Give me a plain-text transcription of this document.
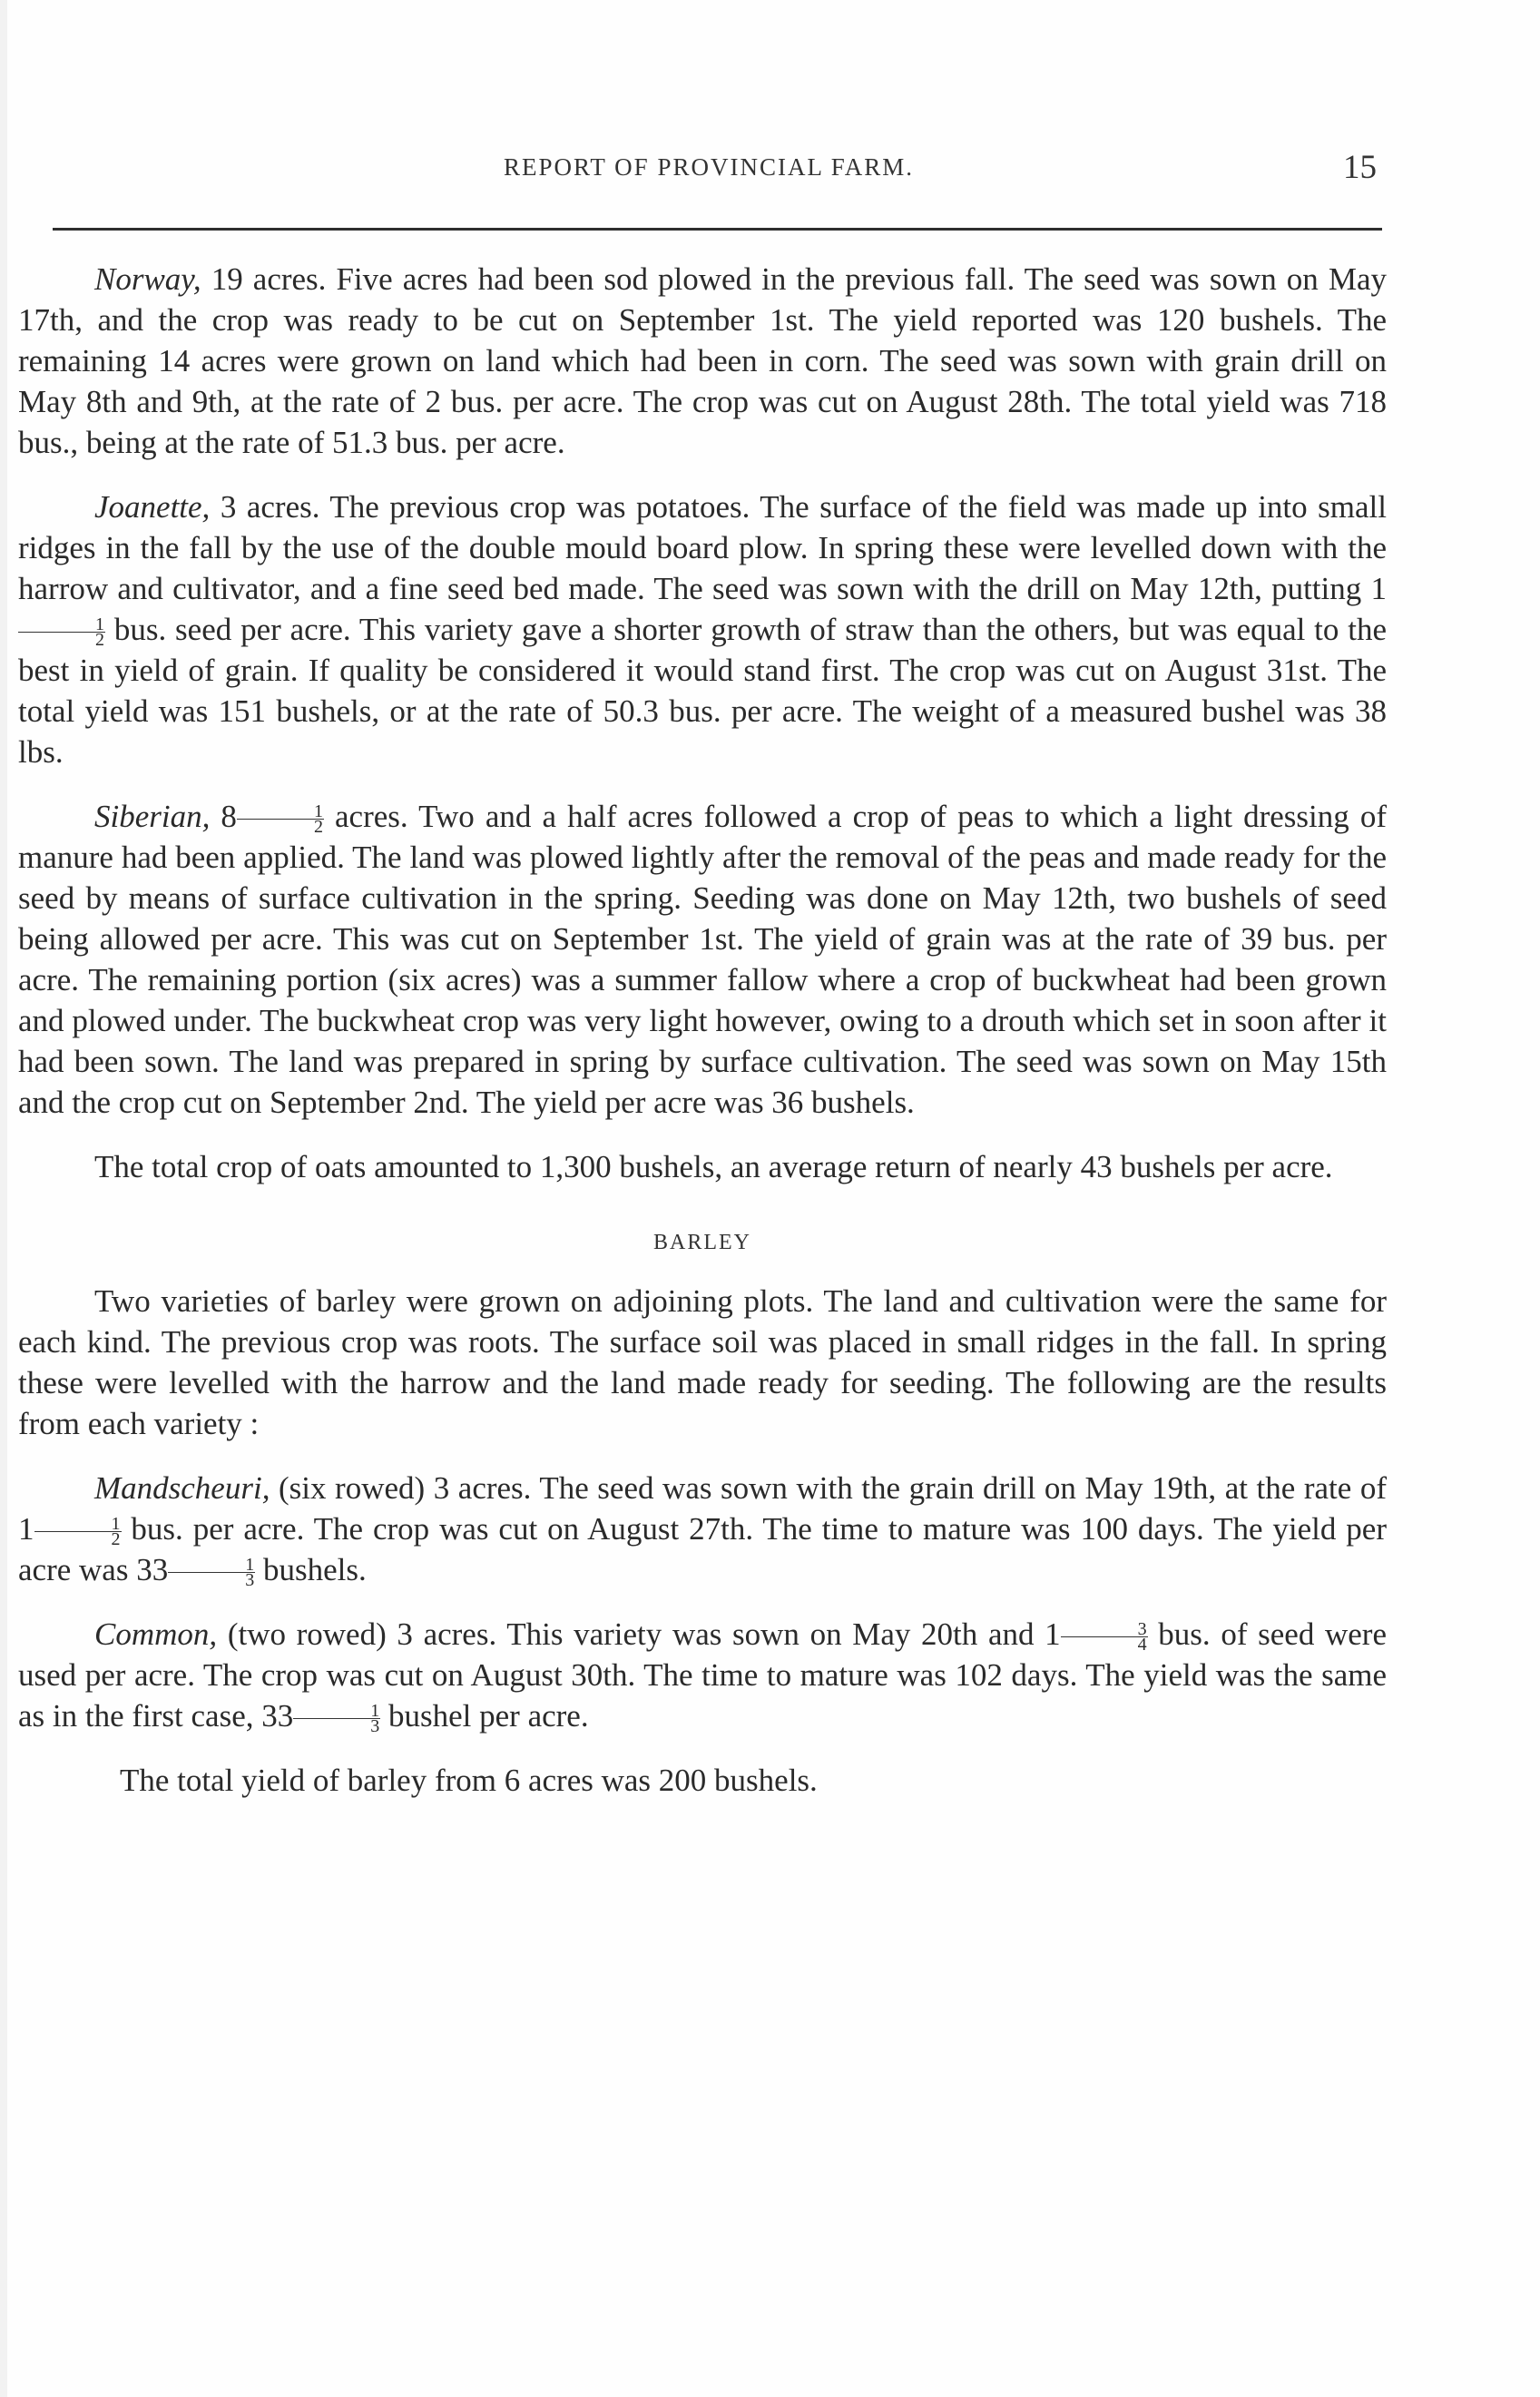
REPORT OF PROVINCIAL FARM.	15

Norway, 19 acres. Five acres had been sod plowed in the previous fall. The seed was sown on May 17th, and the crop was ready to be cut on September 1st. The yield reported was 120 bushels. The remaining 14 acres were grown on land which had been in corn. The seed was sown with grain drill on May 8th and 9th, at the rate of 2 bus. per acre. The crop was cut on August 28th. The total yield was 718 bus., being at the rate of 51.3 bus. per acre.

Joanette, 3 acres. The previous crop was potatoes. The surface of the field was made up into small ridges in the fall by the use of the double mould board plow. In spring these were levelled down with the harrow and cultivator, and a fine seed bed made. The seed was sown with the drill on May 12th, putting 1
$\frac{1}{2}$ bus. seed per acre. This variety gave a shorter growth of straw than the others, but was equal to the best in yield of grain. If quality be considered it would stand first. The crop was cut on August 31st. The total yield was 151 bushels, or at the rate of 50.3 bus. per acre. The weight of a measured bushel was 38 lbs.

Siberian, $8 \frac{1}{2}$ acres. Two and a half acres followed a crop of peas to which a light dressing of manure had been applied. The land was plowed lightly after the removal of the peas and made ready for the seed by means of surface cultivation in the spring. Seeding was done on May 12th, two bushels of seed being allowed per acre. This was cut on September 1st. The yield of grain was at the rate of 39 bus. per acre. The remaining portion (six acres) was a summer fallow where a crop of buckwheat had been grown and plowed under. The buckwheat crop was very light however, owing to a drouth which set in soon after it had been sown. The land was prepared in spring by surface cultivation. The seed was sown on May 15th and the crop cut on September 2nd. The yield per acre was 36 bushels.

The total crop of oats amounted to 1,300 bushels, an average return of nearly 43 bushels per acre.

BARLEY

Two varieties of barley were grown on adjoining plots. The land and cultivation were the same for each kind. The previous crop was roots. The surface soil was placed in small ridges in the fall. In spring these were levelled with the harrow and the land made ready for seeding. The following are the results from each variety :

Mandscheuri, (six rowed) 3 acres. The seed was sown with the grain drill on May 19th, at the rate of $1 \frac{1}{2}$ bus. per acre. The crop was cut on August 27th. The time to mature was 100 days. The yield per acre was $33 \frac{1}{3}$ bushels.

Common, (two rowed) 3 acres. This variety was sown on May 20th and $1 \frac{3}{4}$ bus. of seed were used per acre. The crop was cut on August 30th. The time to mature was 102 days. The yield was the same as in the first case, $33 \frac{1}{3}$ bushel per acre.

The total yield of barley from 6 acres was 200 bushels.
